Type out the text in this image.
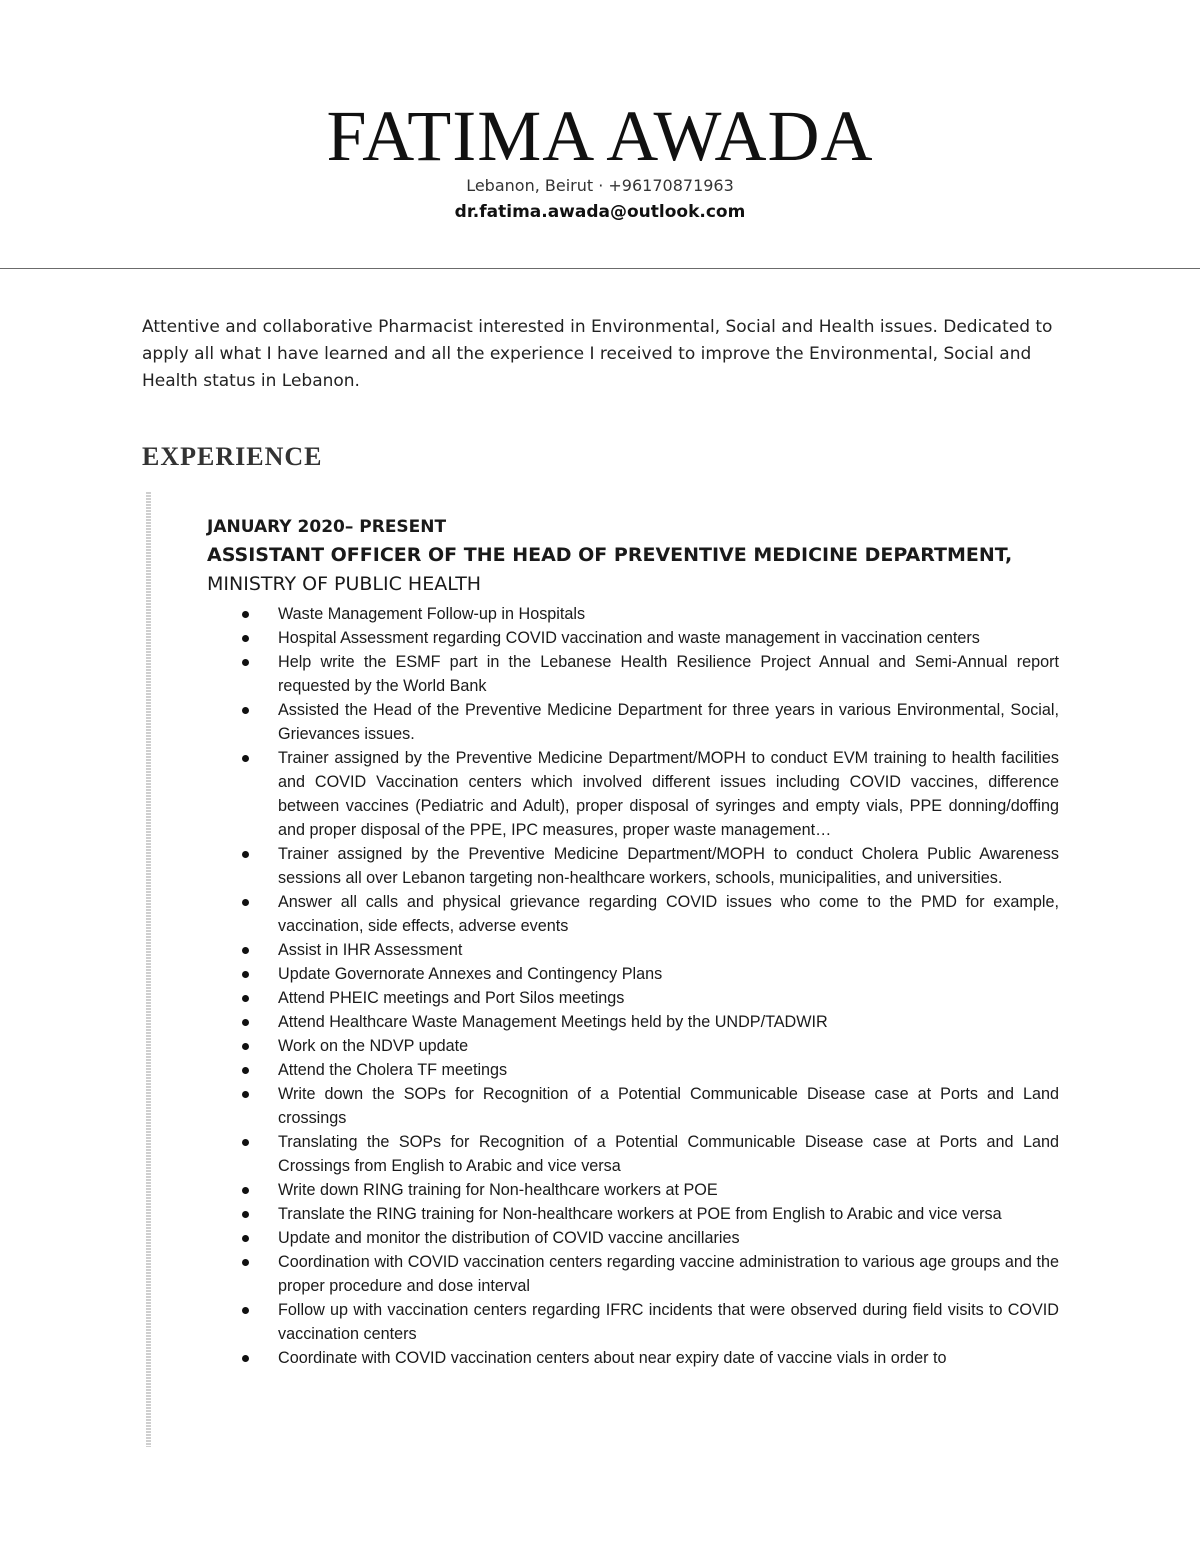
FATIMA AWADA
Lebanon, Beirut · +96170871963
dr.fatima.awada@outlook.com

Attentive and collaborative Pharmacist interested in Environmental, Social and Health issues. Dedicated to apply all what I have learned and all the experience I received to improve the Environmental, Social and Health status in Lebanon.

EXPERIENCE
JANUARY 2020– PRESENT
ASSISTANT OFFICER OF THE HEAD OF PREVENTIVE MEDICINE DEPARTMENT,
MINISTRY OF PUBLIC HEALTH
Waste Management Follow-up in Hospitals
Hospital Assessment regarding COVID vaccination and waste management in vaccination centers
Help write the ESMF part in the Lebanese Health Resilience Project Annual and Semi-Annual report requested by the World Bank
Assisted the Head of the Preventive Medicine Department for three years in various Environmental, Social, Grievances issues.
Trainer assigned by the Preventive Medicine Department/MOPH to conduct EVM training to health facilities and COVID Vaccination centers which involved different issues including COVID vaccines, difference between vaccines (Pediatric and Adult), proper disposal of syringes and empty vials, PPE donning/doffing and proper disposal of the PPE, IPC measures, proper waste management…
Trainer assigned by the Preventive Medicine Department/MOPH to conduct Cholera Public Awareness sessions all over Lebanon targeting non-healthcare workers, schools, municipalities, and universities.
Answer all calls and physical grievance regarding COVID issues who come to the PMD for example, vaccination, side effects, adverse events
Assist in IHR Assessment
Update Governorate Annexes and Contingency Plans
Attend PHEIC meetings and Port Silos meetings
Attend Healthcare Waste Management Meetings held by the UNDP/TADWIR
Work on the NDVP update
Attend the Cholera TF meetings
Write down the SOPs for Recognition of a Potential Communicable Disease case at Ports and Land crossings
Translating the SOPs for Recognition of a Potential Communicable Disease case at Ports and Land Crossings from English to Arabic and vice versa
Write down RING training for Non-healthcare workers at POE
Translate the RING training for Non-healthcare workers at POE from English to Arabic and vice versa
Update and monitor the distribution of COVID vaccine ancillaries
Coordination with COVID vaccination centers regarding vaccine administration to various age groups and the proper procedure and dose interval
Follow up with vaccination centers regarding IFRC incidents that were observed during field visits to COVID vaccination centers
Coordinate with COVID vaccination centers about near expiry date of vaccine vials in order to
